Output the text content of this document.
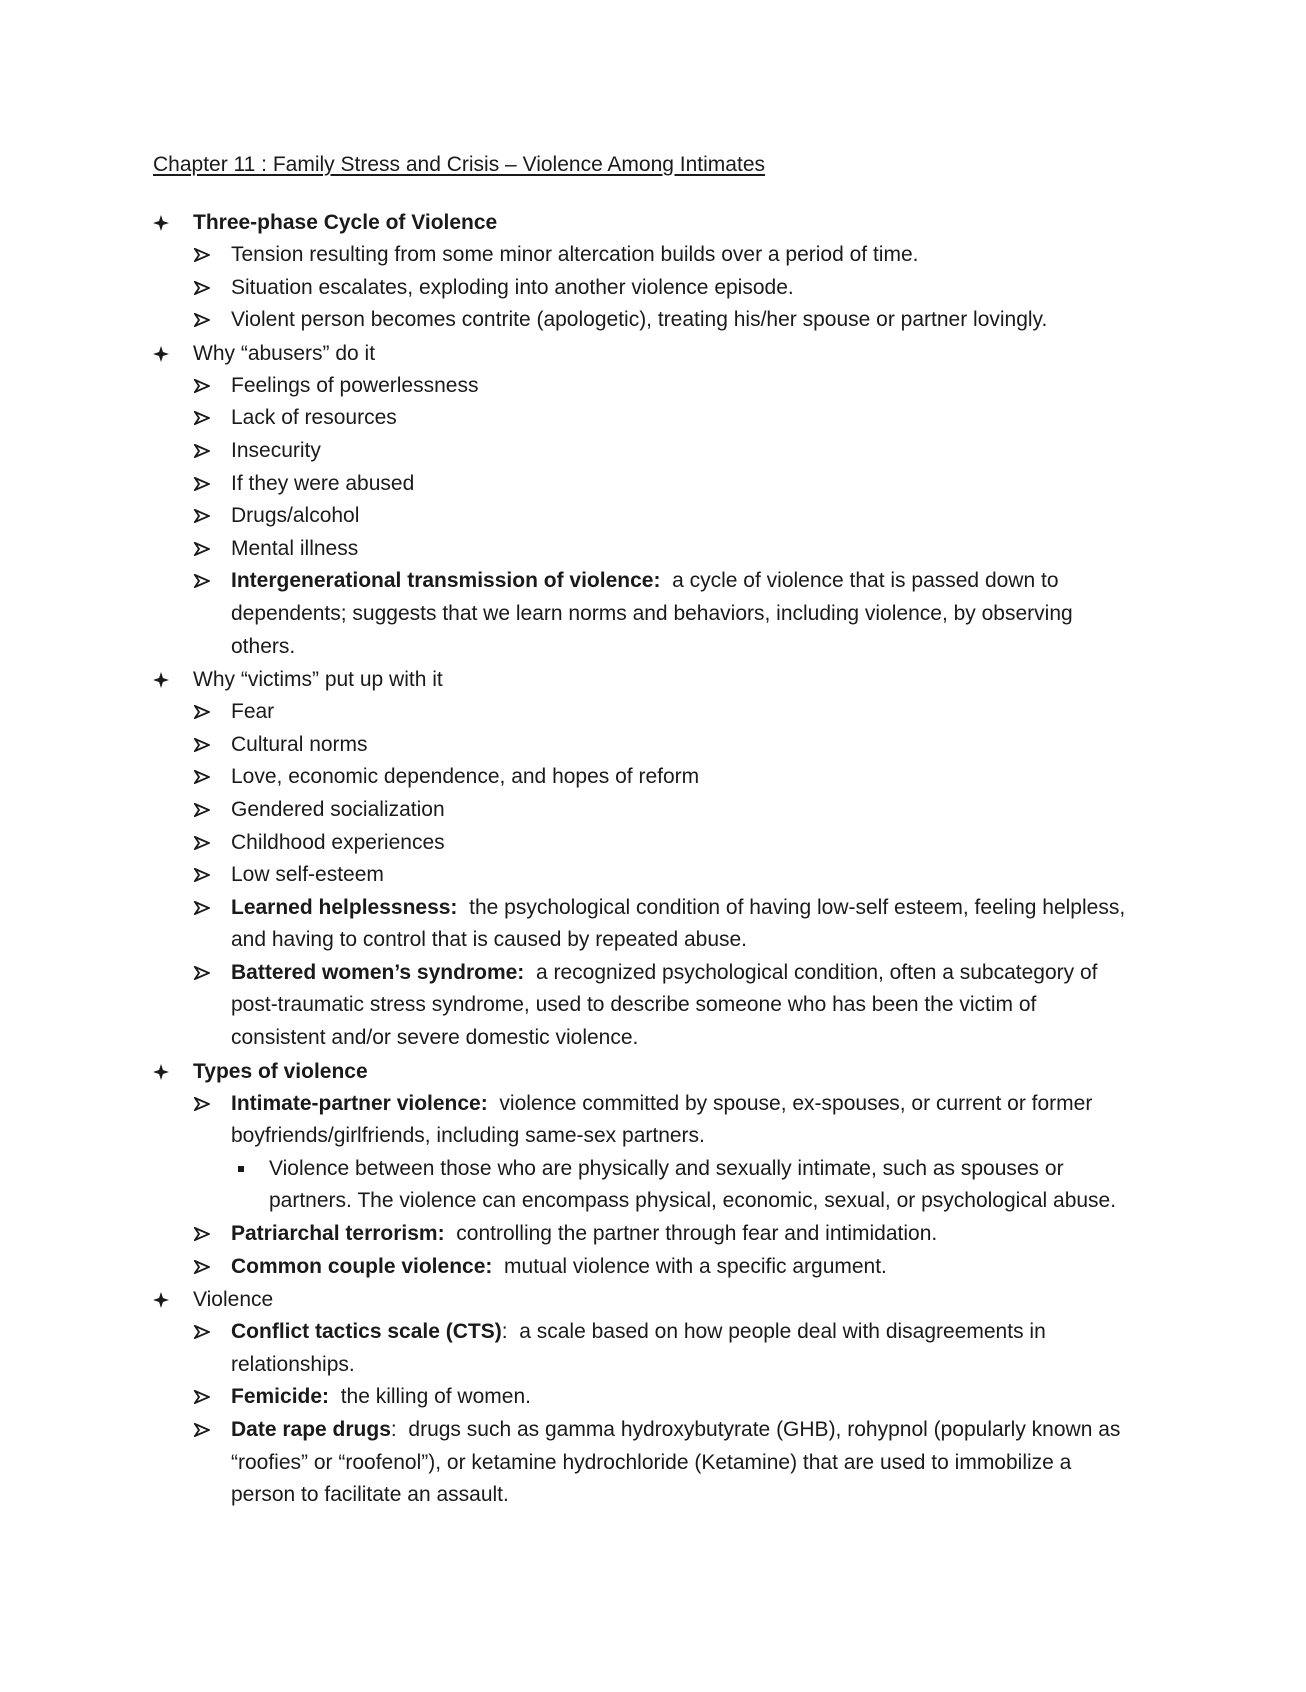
Chapter 11 : Family Stress and Crisis – Violence Among Intimates
Three-phase Cycle of Violence
Tension resulting from some minor altercation builds over a period of time.
Situation escalates, exploding into another violence episode.
Violent person becomes contrite (apologetic), treating his/her spouse or partner lovingly.
Why “abusers” do it
Feelings of powerlessness
Lack of resources
Insecurity
If they were abused
Drugs/alcohol
Mental illness
Intergenerational transmission of violence:  a cycle of violence that is passed down to dependents; suggests that we learn norms and behaviors, including violence, by observing others.
Why “victims” put up with it
Fear
Cultural norms
Love, economic dependence, and hopes of reform
Gendered socialization
Childhood experiences
Low self-esteem
Learned helplessness:  the psychological condition of having low-self esteem, feeling helpless, and having to control that is caused by repeated abuse.
Battered women’s syndrome:  a recognized psychological condition, often a subcategory of post-traumatic stress syndrome, used to describe someone who has been the victim of consistent and/or severe domestic violence.
Types of violence
Intimate-partner violence:  violence committed by spouse, ex-spouses, or current or former boyfriends/girlfriends, including same-sex partners.
Violence between those who are physically and sexually intimate, such as spouses or partners. The violence can encompass physical, economic, sexual, or psychological abuse.
Patriarchal terrorism:  controlling the partner through fear and intimidation.
Common couple violence:  mutual violence with a specific argument.
Violence
Conflict tactics scale (CTS):  a scale based on how people deal with disagreements in relationships.
Femicide:  the killing of women.
Date rape drugs:  drugs such as gamma hydroxybutyrate (GHB), rohypnol (popularly known as “roofies” or “roofenol”), or ketamine hydrochloride (Ketamine) that are used to immobilize a person to facilitate an assault.
